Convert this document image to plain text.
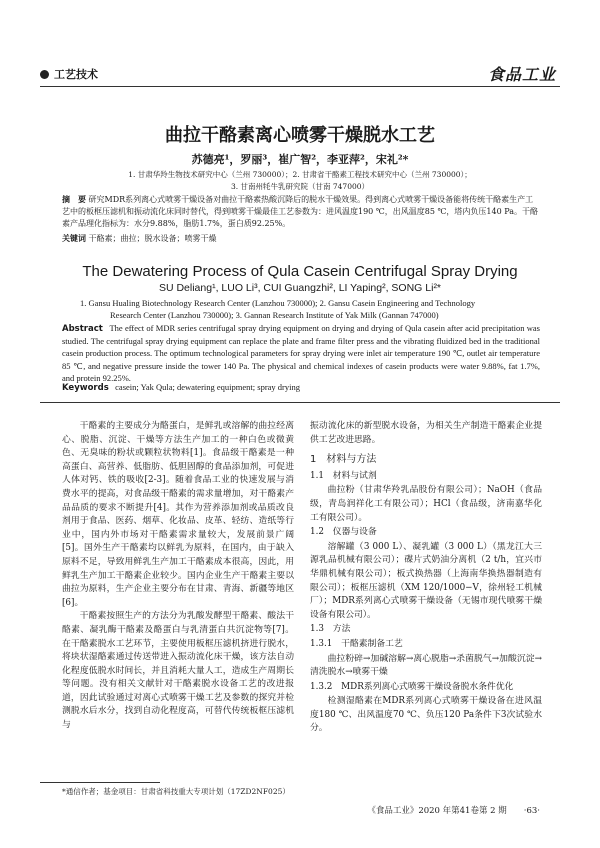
工艺技术	食品工业
曲拉干酪素离心喷雾干燥脱水工艺
苏德亮¹，罗丽³，崔广智²，李亚萍²，宋礼²*
1. 甘肃华羚生物技术研究中心（兰州 730000）；2. 甘肃省干酪素工程技术研究中心（兰州 730000）；
3. 甘南州牦牛乳研究院（甘南 747000）
摘　要 研究MDR系列离心式喷雾干燥设备对曲拉干酪素热酸沉降后的脱水干燥效果。得到离心式喷雾干燥设备能将传统干酪素生产工艺中的板框压滤机和振动流化床同时替代，得到喷雾干燥最佳工艺参数为：进风温度190 ℃，出风温度85 ℃，塔内负压140 Pa。干酪素产品理化指标为：水分9.88%，脂肪1.7%，蛋白质92.25%。
关键词 干酪素；曲拉；脱水设备；喷雾干燥
The Dewatering Process of Qula Casein Centrifugal Spray Drying
SU Deliang¹, LUO Li³, CUI Guangzhi², LI Yaping², SONG Li²*
1. Gansu Hualing Biotechnology Research Center (Lanzhou 730000); 2. Gansu Casein Engineering and Technology
Research Center (Lanzhou 730000); 3. Gannan Research Institute of Yak Milk (Gannan 747000)
Abstract The effect of MDR series centrifugal spray drying equipment on drying and drying of Qula casein after acid precipitation was studied. The centrifugal spray drying equipment can replace the plate and frame filter press and the vibrating fluidized bed in the traditional casein production process. The optimum technological parameters for spray drying were inlet air temperature 190 ℃, outlet air temperature 85 ℃, and negative pressure inside the tower 140 Pa. The physical and chemical indexes of casein products were water 9.88%, fat 1.7%, and protein 92.25%.
Keywords casein; Yak Qula; dewatering equipment; spray drying

干酪素的主要成分为酪蛋白，是鲜乳或溶解的曲拉经离心、脱脂、沉淀、干燥等方法生产加工的一种白色或微黄色、无臭味的粉状或颗粒状物料[1]。食品级干酪素是一种高蛋白、高营养、低脂肪、低胆固醇的食品添加剂，可促进人体对钙、铁的吸收[2-3]。随着食品工业的快速发展与消费水平的提高，对食品级干酪素的需求量增加，对干酪素产品品质的要求不断提升[4]。其作为营养添加剂或品质改良剂用于食品、医药、烟草、化妆品、皮革、轻纺、造纸等行业中，国内外市场对干酪素需求量较大，发展前景广阔[5]。国外生产干酪素均以鲜乳为原料，在国内，由于缺入原料不足，导致用鲜乳生产加工干酪素成本很高，因此，用鲜乳生产加工干酪素企业较少。国内企业生产干酪素主要以曲拉为原料，生产企业主要分布在甘肃、青海、新疆等地区[6]。

干酪素按照生产的方法分为乳酸发酵型干酪素、酸法干酪素、凝乳酶干酪素及酪蛋白与乳清蛋白共沉淀物等[7]。在干酪素脱水工艺环节，主要使用板框压滤机挤进行脱水，将块状湿酪素通过传送带进入振动流化床干燥，该方法自动化程度低脱水时间长，并且消耗大量人工，造成生产周期长等问题。没有相关文献针对干酪素脱水设备工艺的改进报道，因此试验通过对离心式喷雾干燥工艺及参数的探究并检测脱水后水分，找到自动化程度高，可替代传统板框压滤机与

振动流化床的新型脱水设备，为相关生产制造干酪素企业提供工艺改进思路。

1　材料与方法
1.1　材料与试剂

曲拉粉（甘肃华羚乳品股份有限公司）；NaOH（食品级，青岛润祥化工有限公司）；HCl（食品级，济南嘉华化工有限公司）。

1.2　仪器与设备

溶解罐（3 000 L）、凝乳罐（3 000 L）（黑龙江大三源乳品机械有限公司）；碟片式奶油分离机（2 t/h，宜兴市华鼎机械有限公司）；板式换热器（上海南华换热器制造有限公司）；板框压滤机（XM 120/1000−V，徐州轻工机械厂）；MDR系列离心式喷雾干燥设备（无锡市现代喷雾干燥设备有限公司）。

1.3　方法
1.3.1　干酪素制备工艺

曲拉粉碎→加碱溶解→离心脱脂→杀菌脱气→加酸沉淀→清洗脱水→喷雾干燥

1.3.2　MDR系列离心式喷雾干燥设备脱水条件优化

检测湿酪素在MDR系列离心式喷雾干燥设备在进风温度180 ℃、出风温度70 ℃、负压120 Pa条件下3次试验水分。

*通信作者；基金项目：甘肃省科技重大专项计划（17ZD2NF025）
《食品工业》2020 年第41卷第 2 期　　·63·
